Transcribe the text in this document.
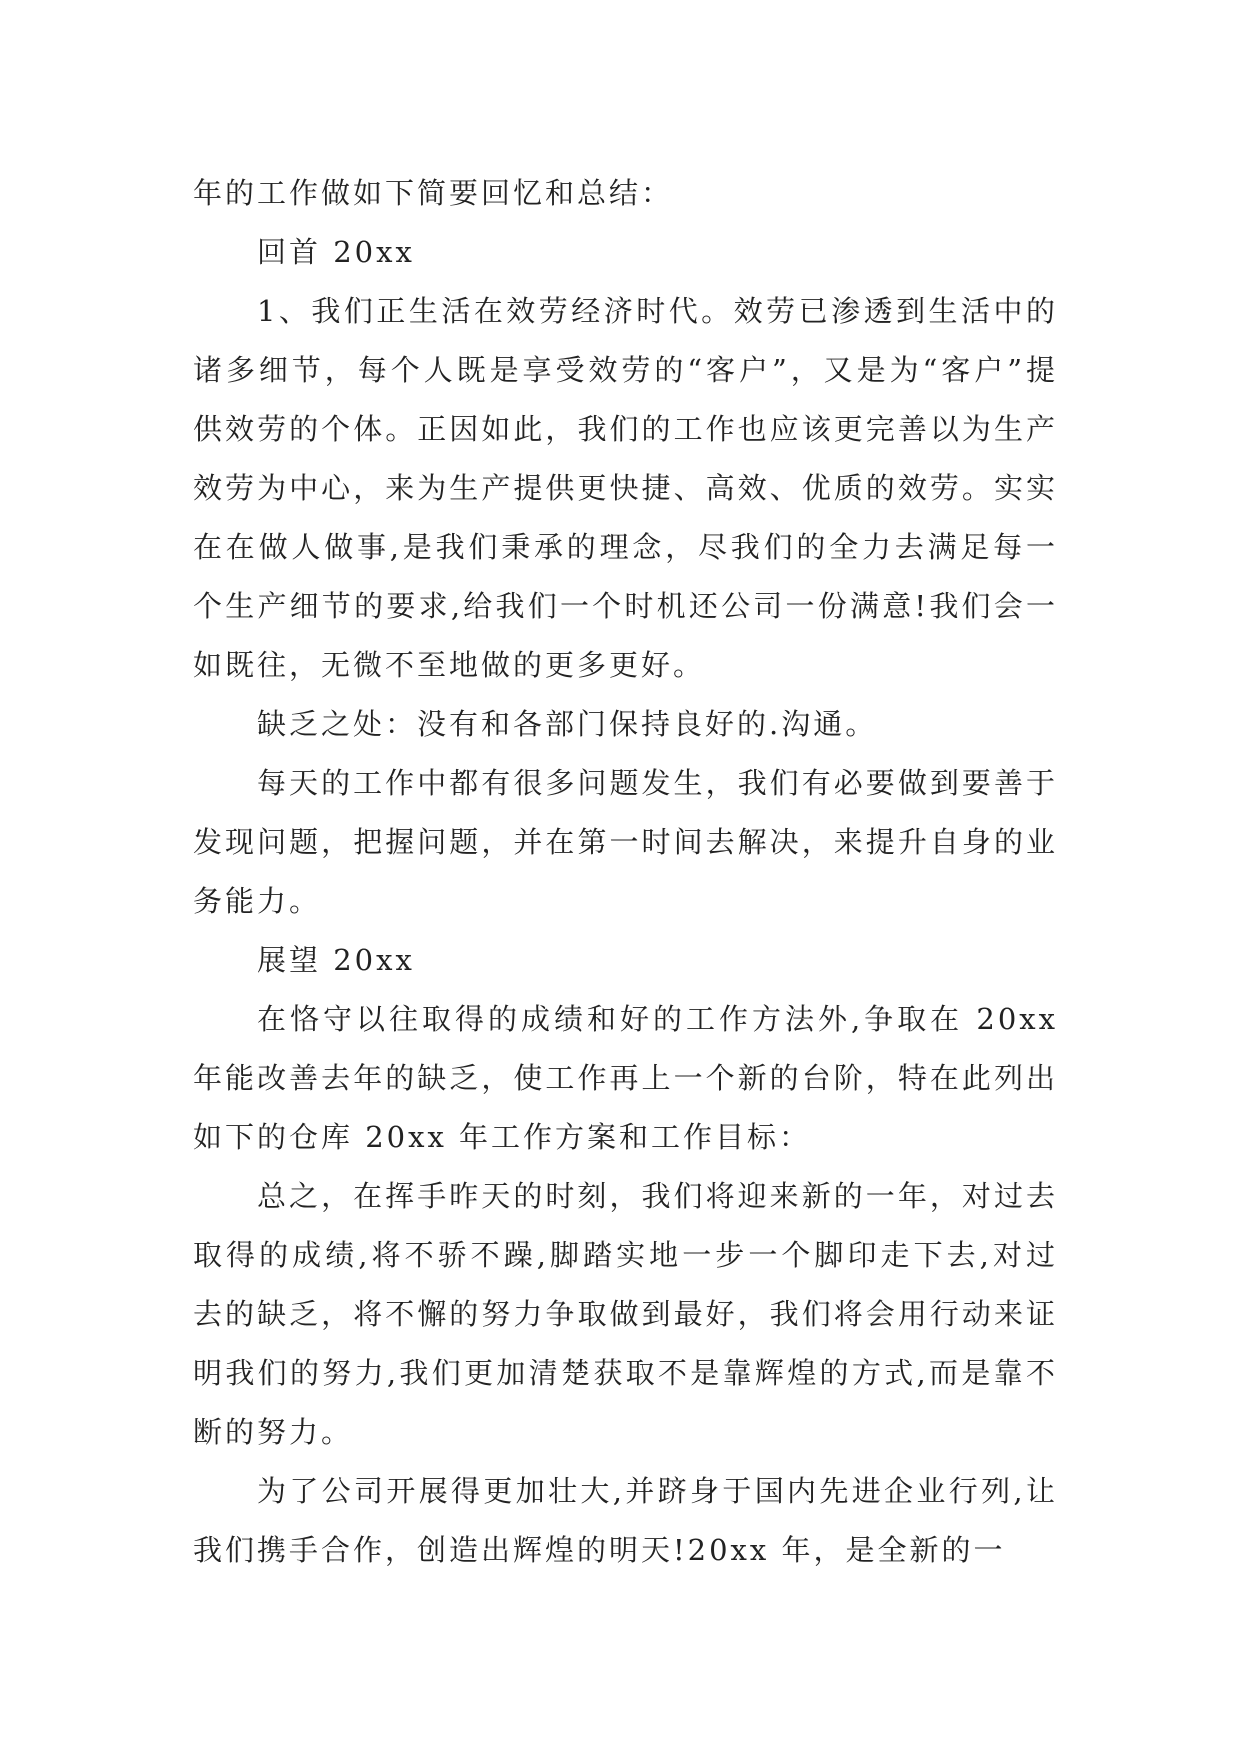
年的工作做如下简要回忆和总结：

回首 20xx

1、我们正生活在效劳经济时代。效劳已渗透到生活中的诸多细节，每个人既是享受效劳的“客户”，又是为“客户”提供效劳的个体。正因如此，我们的工作也应该更完善以为生产效劳为中心，来为生产提供更快捷、高效、优质的效劳。实实在在做人做事,是我们秉承的理念，尽我们的全力去满足每一个生产细节的要求,给我们一个时机还公司一份满意!我们会一如既往，无微不至地做的更多更好。

缺乏之处：没有和各部门保持良好的.沟通。

每天的工作中都有很多问题发生，我们有必要做到要善于发现问题，把握问题，并在第一时间去解决，来提升自身的业务能力。

展望 20xx

在恪守以往取得的成绩和好的工作方法外,争取在 20xx 年能改善去年的缺乏，使工作再上一个新的台阶，特在此列出如下的仓库 20xx 年工作方案和工作目标：

总之，在挥手昨天的时刻，我们将迎来新的一年，对过去取得的成绩,将不骄不躁,脚踏实地一步一个脚印走下去,对过去的缺乏，将不懈的努力争取做到最好，我们将会用行动来证明我们的努力,我们更加清楚获取不是靠辉煌的方式,而是靠不断的努力。

为了公司开展得更加壮大,并跻身于国内先进企业行列,让我们携手合作，创造出辉煌的明天!20xx 年，是全新的一
